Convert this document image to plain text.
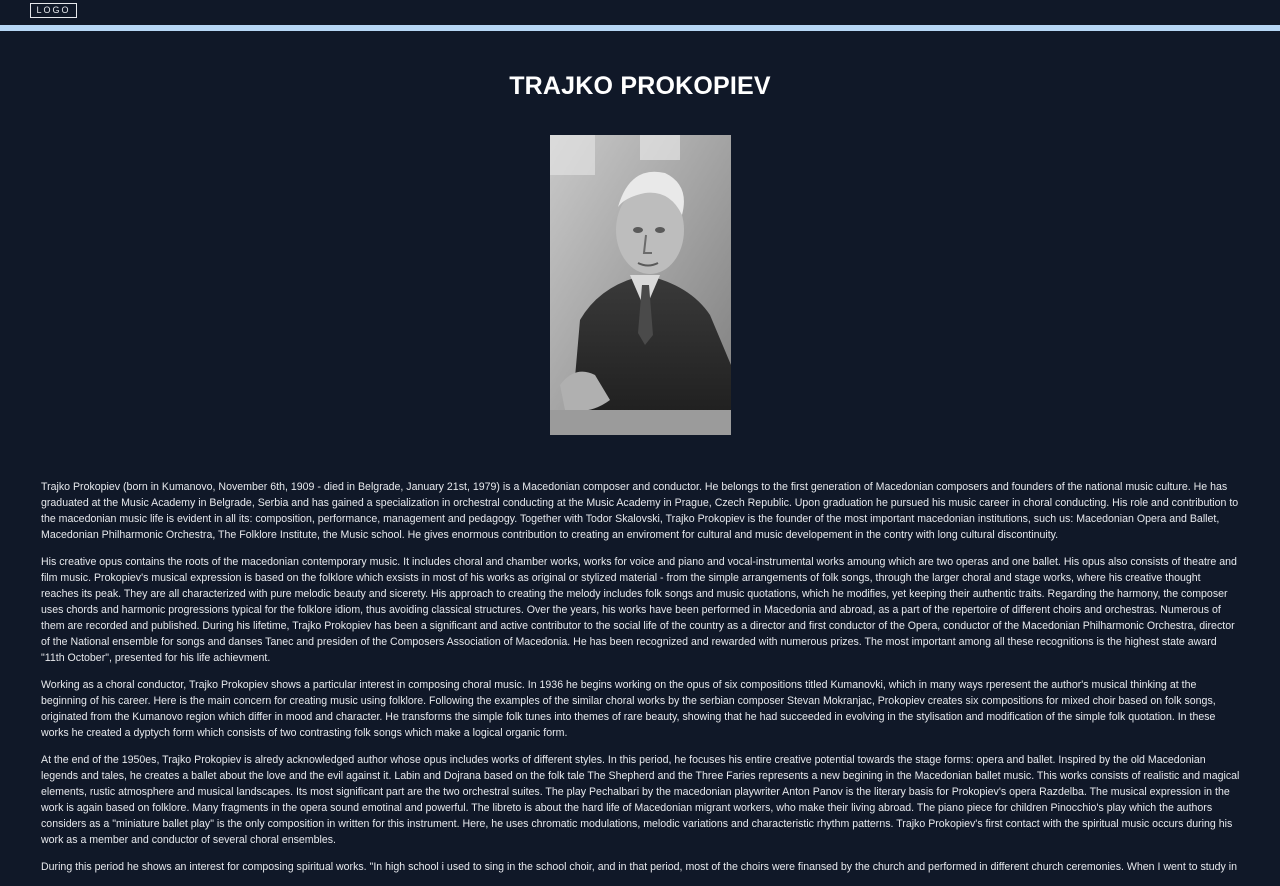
LOGO
TRAJKO PROKOPIEV

Trajko Prokopiev (born in Kumanovo, November 6th, 1909 - died in Belgrade, January 21st, 1979) is a Macedonian composer and conductor. He belongs to the first generation of Macedonian composers and founders of the national music culture. He has graduated at the Music Academy in Belgrade, Serbia and has gained a specialization in orchestral conducting at the Music Academy in Prague, Czech Republic. Upon graduation he pursued his music career in choral conducting. His role and contribution to the macedonian music life is evident in all its: composition, performance, management and pedagogy. Together with Todor Skalovski, Trajko Prokopiev is the founder of the most important macedonian institutions, such us: Macedonian Opera and Ballet, Macedonian Philharmonic Orchestra, The Folklore Institute, the Music school. He gives enormous contribution to creating an enviroment for cultural and music developement in the contry with long cultural discontinuity.

His creative opus contains the roots of the macedonian contemporary music. It includes choral and chamber works, works for voice and piano and vocal-instrumental works amoung which are two operas and one ballet. His opus also consists of theatre and film music. Prokopiev's musical expression is based on the folklore which exsists in most of his works as original or stylized material - from the simple arrangements of folk songs, through the larger choral and stage works, where his creative thought reaches its peak. They are all characterized with pure melodic beauty and sicerety. His approach to creating the melody includes folk songs and music quotations, which he modifies, yet keeping their authentic traits. Regarding the harmony, the composer uses chords and harmonic progressions typical for the folklore idiom, thus avoiding classical structures. Over the years, his works have been performed in Macedonia and abroad, as a part of the repertoire of different choirs and orchestras. Numerous of them are recorded and published. During his lifetime, Trajko Prokopiev has been a significant and active contributor to the social life of the country as a director and first conductor of the Opera, conductor of the Macedonian Philharmonic Orchestra, director of the National ensemble for songs and danses Tanec and presiden of the Composers Association of Macedonia. He has been recognized and rewarded with numerous prizes. The most important among all these recognitions is the highest state award "11th October", presented for his life achievment.

Working as a choral conductor, Trajko Prokopiev shows a particular interest in composing choral music. In 1936 he begins working on the opus of six compositions titled Kumanovki, which in many ways rperesent the author's musical thinking at the beginning of his career. Here is the main concern for creating music using folklore. Following the examples of the similar choral works by the serbian composer Stevan Mokranjac, Prokopiev creates six compositions for mixed choir based on folk songs, originated from the Kumanovo region which differ in mood and character. He transforms the simple folk tunes into themes of rare beauty, showing that he had succeeded in evolving in the stylisation and modification of the simple folk quotation. In these works he created a dyptych form which consists of two contrasting folk songs which make a logical organic form.

At the end of the 1950es, Trajko Prokopiev is alredy acknowledged author whose opus includes works of different styles. In this period, he focuses his entire creative potential towards the stage forms: opera and ballet. Inspired by the old Macedonian legends and tales, he creates a ballet about the love and the evil against it. Labin and Dojrana based on the folk tale The Shepherd and the Three Faries represents a new begining in the Macedonian ballet music. This works consists of realistic and magical elements, rustic atmosphere and musical landscapes. Its most significant part are the two orchestral suites. The play Pechalbari by the macedonian playwriter Anton Panov is the literary basis for Prokopiev's opera Razdelba. The musical expression in the work is again based on folklore. Many fragments in the opera sound emotinal and powerful. The libreto is about the hard life of Macedonian migrant workers, who make their living abroad. The piano piece for children Pinocchio's play which the authors considers as a "miniature ballet play" is the only composition in written for this instrument. Here, he uses chromatic modulations, melodic variations and characteristic rhythm patterns. Trajko Prokopiev's first contact with the spiritual music occurs during his work as a member and conductor of several choral ensembles.

During this period he shows an interest for composing spiritual works. "In high school i used to sing in the school choir, and in that period, most of the choirs were finansed by the church and performed in different church ceremonies. When I went to study in
